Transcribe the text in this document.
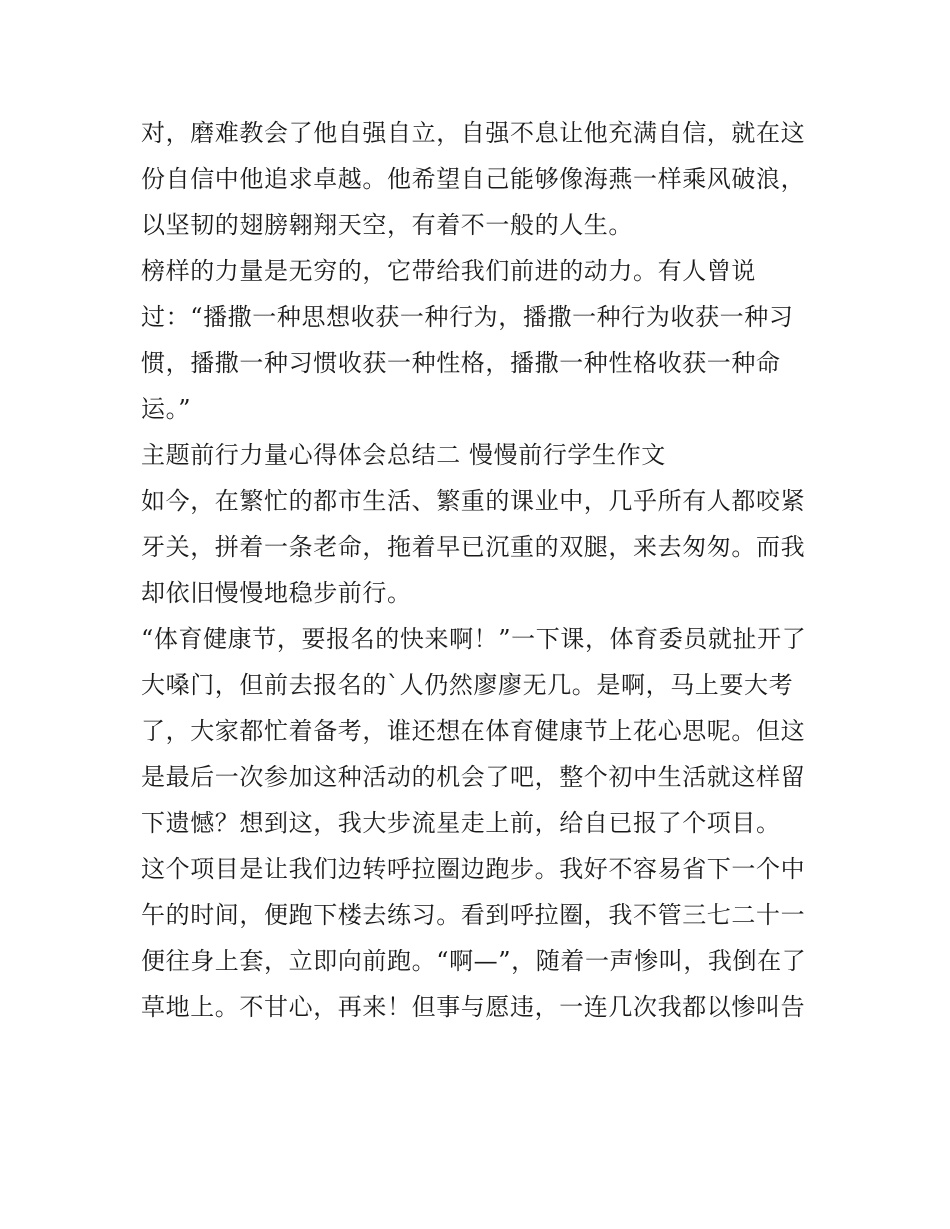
对，磨难教会了他自强自立，自强不息让他充满自信，就在这
份自信中他追求卓越。他希望自己能够像海燕一样乘风破浪，
以坚韧的翅膀翱翔天空，有着不一般的人生。
榜样的力量是无穷的，它带给我们前进的动力。有人曾说
过：“播撒一种思想收获一种行为，播撒一种行为收获一种习
惯，播撒一种习惯收获一种性格，播撒一种性格收获一种命
运。”
主题前行力量心得体会总结二 慢慢前行学生作文
如今，在繁忙的都市生活、繁重的课业中，几乎所有人都咬紧
牙关，拼着一条老命，拖着早已沉重的双腿，来去匆匆。而我
却依旧慢慢地稳步前行。
“体育健康节，要报名的快来啊！”一下课，体育委员就扯开了
大嗓门，但前去报名的`人仍然廖廖无几。是啊，马上要大考
了，大家都忙着备考，谁还想在体育健康节上花心思呢。但这
是最后一次参加这种活动的机会了吧，整个初中生活就这样留
下遗憾？想到这，我大步流星走上前，给自已报了个项目。
这个项目是让我们边转呼拉圈边跑步。我好不容易省下一个中
午的时间，便跑下楼去练习。看到呼拉圈，我不管三七二十一
便往身上套，立即向前跑。“啊—”，随着一声惨叫，我倒在了
草地上。不甘心，再来！但事与愿违，一连几次我都以惨叫告
